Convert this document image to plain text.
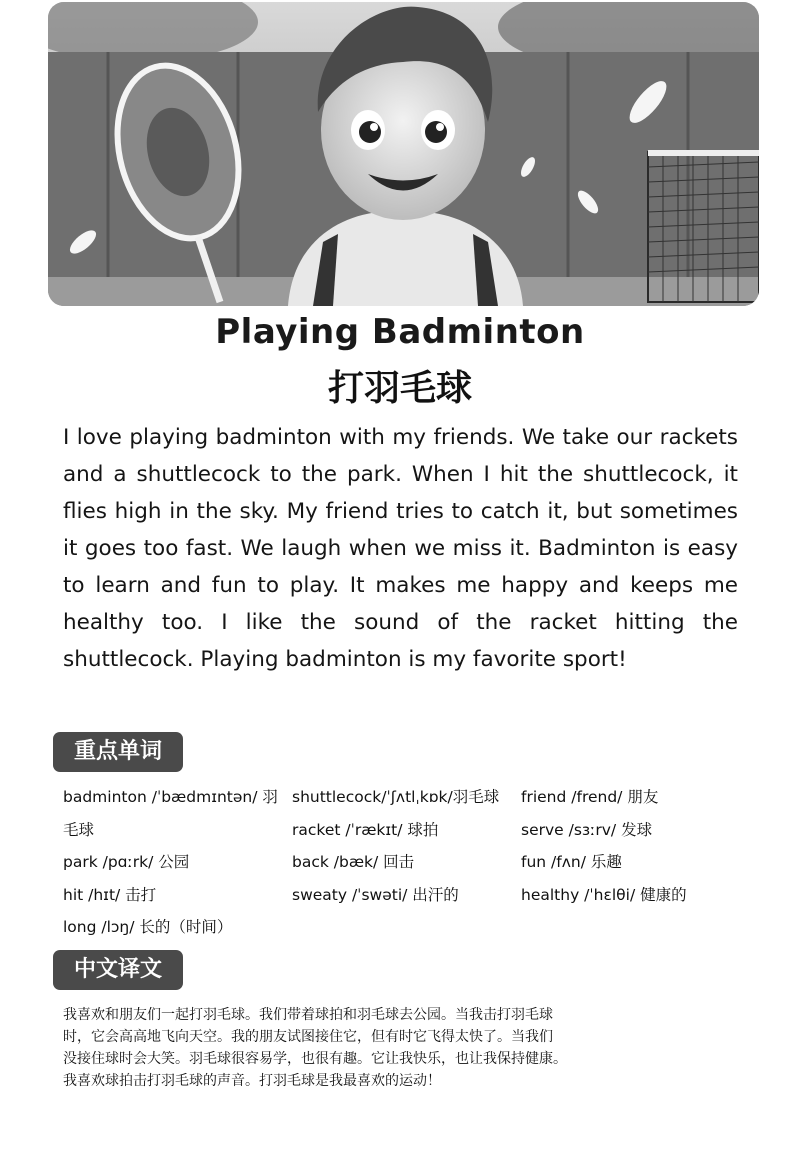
Playing Badminton
打羽毛球
I love playing badminton with my friends. We take our rackets and a shuttlecock to the park. When I hit the shuttlecock, it flies high in the sky. My friend tries to catch it, but sometimes it goes too fast. We laugh when we miss it. Badminton is easy to learn and fun to play. It makes me happy and keeps me healthy too. I like the sound of the racket hitting the shuttlecock. Playing badminton is my favorite sport!
重点单词
badminton /ˈbædmɪntən/ 羽 shuttlecock/ˈʃʌtlˌkɒk/羽毛球	friend /frend/ 朋友
毛球	racket /ˈrækɪt/ 球拍	serve /sɜːrv/ 发球
park /pɑːrk/ 公园	back /bæk/ 回击	fun /fʌn/ 乐趣
hit /hɪt/ 击打	sweaty /ˈswəti/ 出汗的	healthy /ˈhɛlθi/ 健康的
long /lɔŋ/ 长的（时间）
中文译文
我喜欢和朋友们一起打羽毛球。我们带着球拍和羽毛球去公园。当我击打羽毛球
时，它会高高地飞向天空。我的朋友试图接住它，但有时它飞得太快了。当我们
没接住球时会大笑。羽毛球很容易学，也很有趣。它让我快乐，也让我保持健康。
我喜欢球拍击打羽毛球的声音。打羽毛球是我最喜欢的运动！
